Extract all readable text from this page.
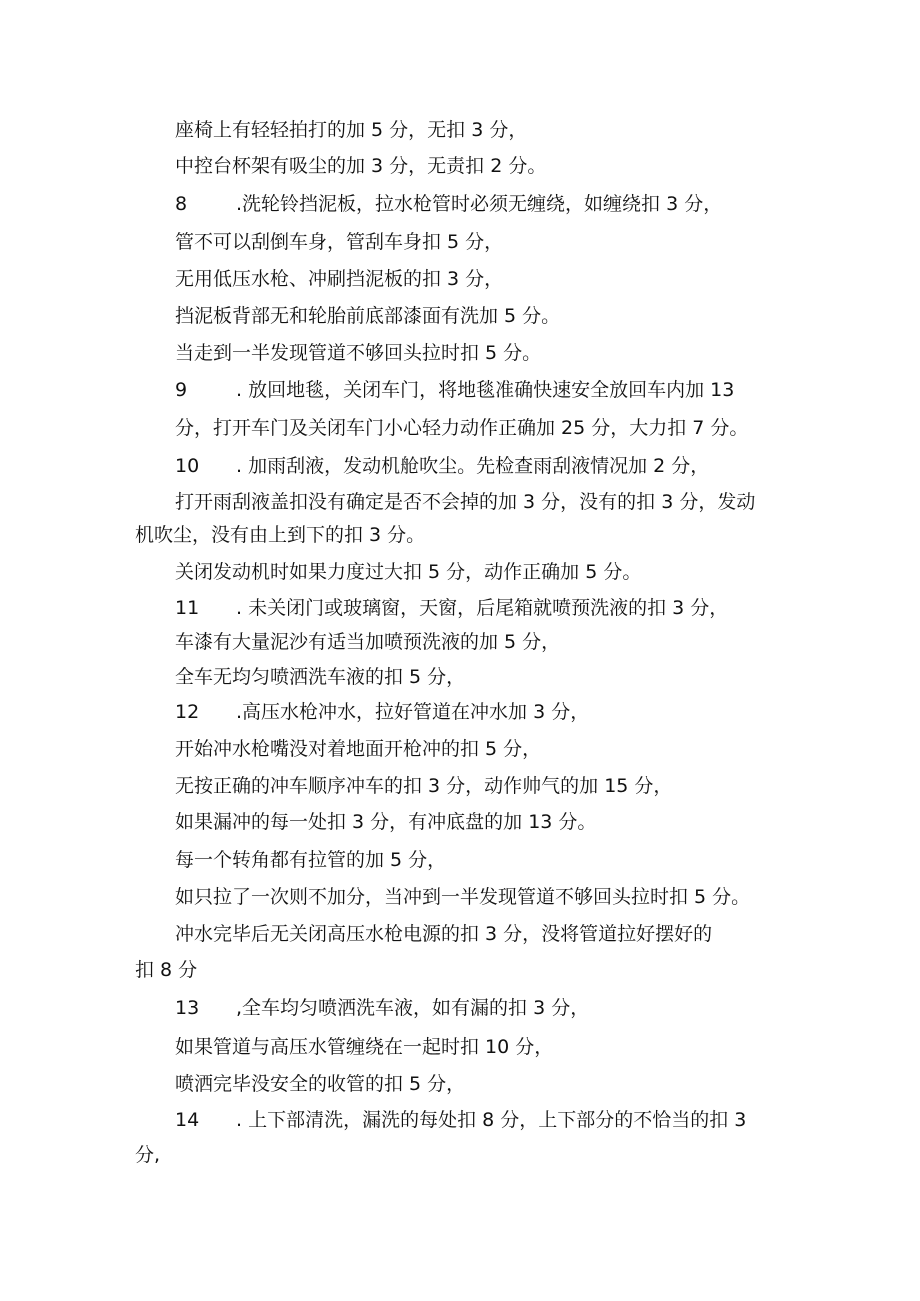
座椅上有轻轻拍打的加 5 分，无扣 3 分，
中控台杯架有吸尘的加 3 分，无责扣 2 分。
8	.洗轮铃挡泥板，拉水枪管时必须无缠绕，如缠绕扣 3 分，
管不可以刮倒车身，管刮车身扣 5 分，
无用低压水枪、冲刷挡泥板的扣 3 分，
挡泥板背部无和轮胎前底部漆面有洗加 5 分。
当走到一半发现管道不够回头拉时扣 5 分。
9	. 放回地毯，关闭车门，将地毯准确快速安全放回车内加 13
分，打开车门及关闭车门小心轻力动作正确加 25 分，大力扣 7 分。
10 . 加雨刮液，发动机舱吹尘。先检查雨刮液情况加 2 分，
打开雨刮液盖扣没有确定是否不会掉的加 3 分，没有的扣 3 分，发动
机吹尘，没有由上到下的扣 3 分。
关闭发动机时如果力度过大扣 5 分，动作正确加 5 分。
11 . 未关闭门或玻璃窗，天窗，后尾箱就喷预洗液的扣 3 分，
车漆有大量泥沙有适当加喷预洗液的加 5 分，
全车无均匀喷洒洗车液的扣 5 分，
12 .高压水枪冲水，拉好管道在冲水加 3 分，
开始冲水枪嘴没对着地面开枪冲的扣 5 分，
无按正确的冲车顺序冲车的扣 3 分，动作帅气的加 15 分，
如果漏冲的每一处扣 3 分，有冲底盘的加 13 分。
每一个转角都有拉管的加 5 分，
如只拉了一次则不加分，当冲到一半发现管道不够回头拉时扣 5 分。
冲水完毕后无关闭高压水枪电源的扣 3 分，没将管道拉好摆好的
扣 8 分
13 ,全车均匀喷洒洗车液，如有漏的扣 3 分，
如果管道与高压水管缠绕在一起时扣 10 分，
喷洒完毕没安全的收管的扣 5 分，
14 . 上下部清洗，漏洗的每处扣 8 分，上下部分的不恰当的扣 3
分,
